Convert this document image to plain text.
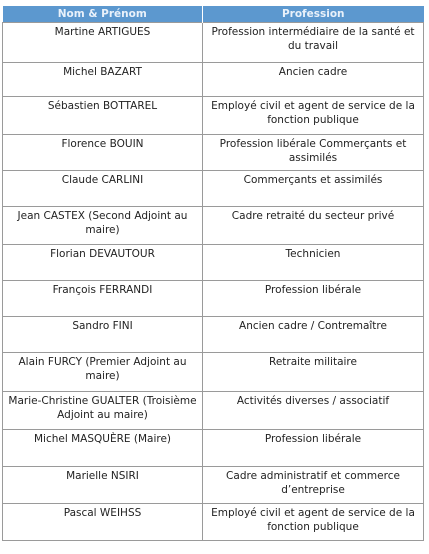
Nom & Prénom	Profession
Martine ARTIGUES	Profession intermédiaire de la santé et du travail
Michel BAZART	Ancien cadre
Sébastien BOTTAREL	Employé civil et agent de service de la fonction publique
Florence BOUIN	Profession libérale Commerçants et assimilés
Claude CARLINI	Commerçants et assimilés
Jean CASTEX (Second Adjoint au maire)	Cadre retraité du secteur privé
Florian DEVAUTOUR	Technicien
François FERRANDI	Profession libérale
Sandro FINI	Ancien cadre / Contremaître
Alain FURCY (Premier Adjoint au maire)	Retraite militaire
Marie-Christine GUALTER (Troisième Adjoint au maire)	Activités diverses / associatif
Michel MASQUÈRE (Maire)	Profession libérale
Marielle NSIRI	Cadre administratif et commerce d’entreprise
Pascal WEIHSS	Employé civil et agent de service de la fonction publique
